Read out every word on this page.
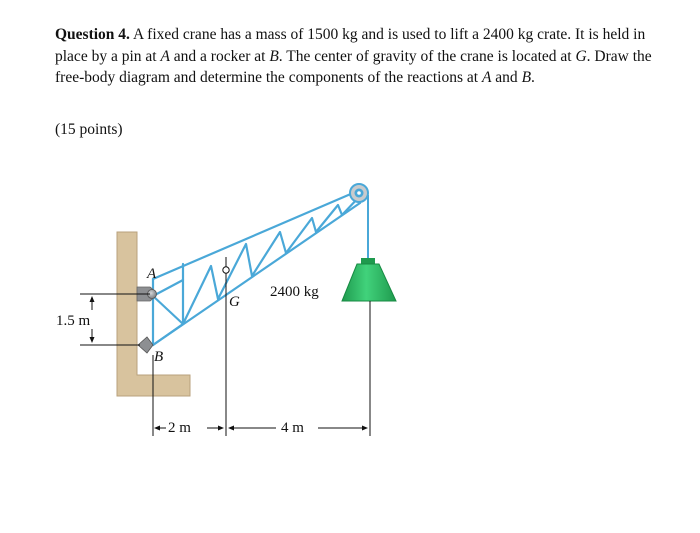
Question 4. A fixed crane has a mass of 1500 kg and is used to lift a 2400 kg crate. It is held in place by a pin at A and a rocker at B. The center of gravity of the crane is located at G. Draw the free-body diagram and determine the components of the reactions at A and B.
(15 points)
A
B
G
2400 kg
1.5 m
2 m	4 m
